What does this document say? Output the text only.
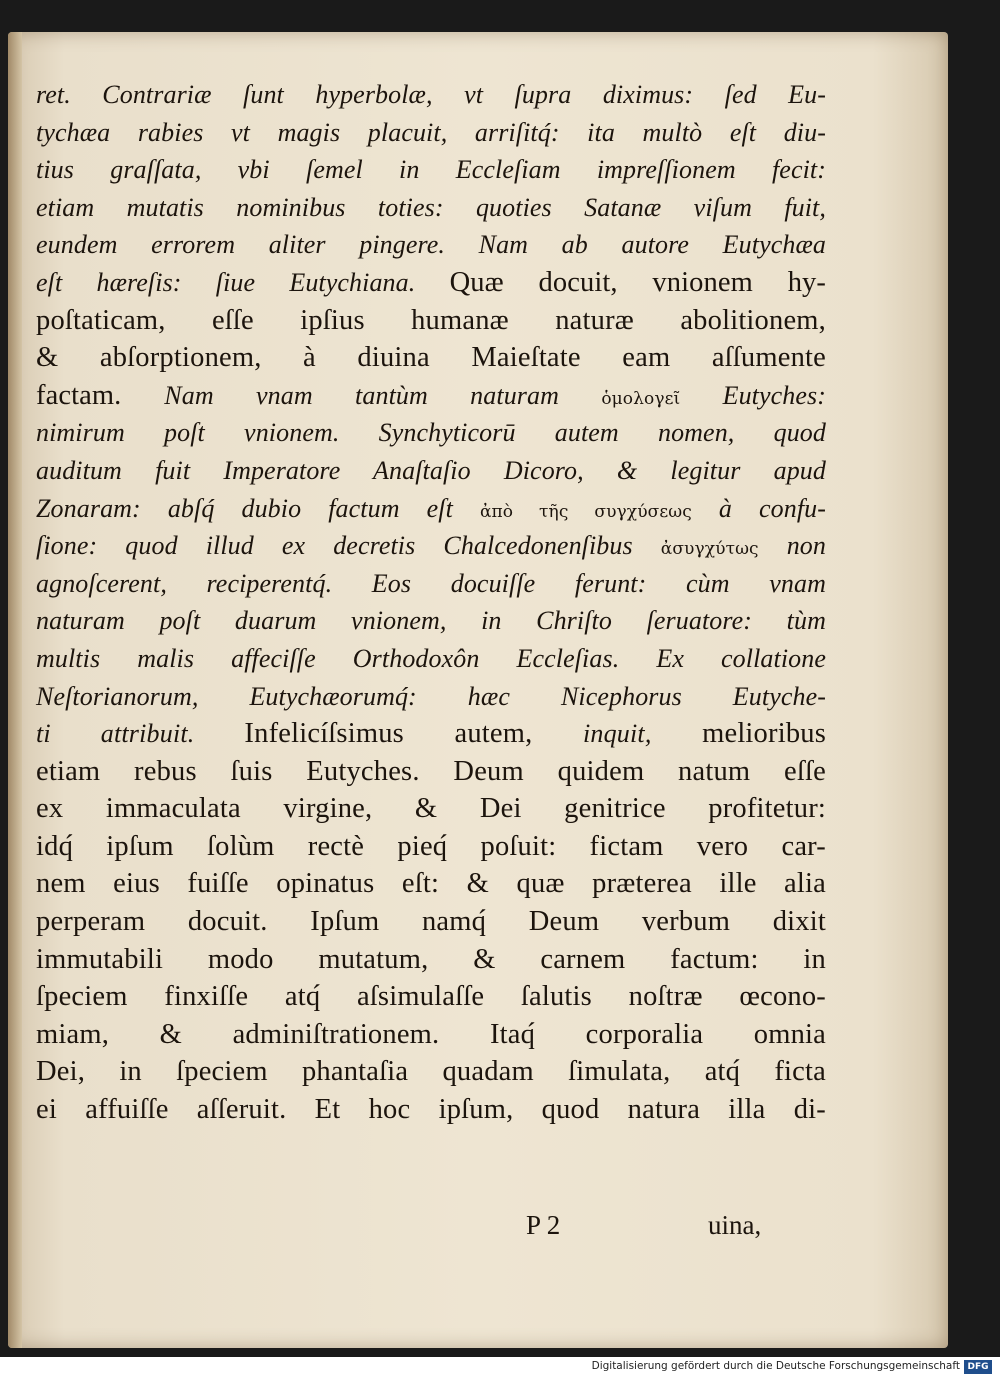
ret. Contrariæ ſunt hyperbolæ, vt ſupra diximus: ſed Eu-
tychæa rabies vt magis placuit, arriſitq́: ita multò eſt diu-
tius graſſata, vbi ſemel in Eccleſiam impreſſionem fecit:
etiam mutatis nominibus toties: quoties Satanæ viſum fuit,
eundem errorem aliter pingere. Nam ab autore Eutychæa
eſt hæreſis: ſiue Eutychiana. Quæ docuit, vnionem hy-
poſtaticam, eſſe ipſius humanæ naturæ abolitionem,
& abſorptionem, à diuina Maieſtate eam aſſumente
factam. Nam vnam tantùm naturam ὁμολογεῖ Eutyches:
nimirum poſt vnionem. Synchyticorū autem nomen, quod
auditum fuit Imperatore Anaſtaſio Dicoro, & legitur apud
Zonaram: abſq́ dubio factum eſt ἀπὸ τῆς συγχύσεως à confu-
ſione: quod illud ex decretis Chalcedonenſibus ἀσυγχύτως non
agnoſcerent, reciperentq́. Eos docuiſſe ferunt: cùm vnam
naturam poſt duarum vnionem, in Chriſto ſeruatore: tùm
multis malis affeciſſe Orthodoxôn Eccleſias. Ex collatione
Neſtorianorum, Eutychæorumq́: hæc Nicephorus Eutyche-
ti attribuit. Infelicíſsimus autem, inquit, melioribus
etiam rebus ſuis Eutyches. Deum quidem natum eſſe
ex immaculata virgine, & Dei genitrice profitetur:
idq́ ipſum ſolùm rectè pieq́ poſuit: fictam vero car-
nem eius fuiſſe opinatus eſt: & quæ præterea ille alia
perperam docuit. Ipſum namq́ Deum verbum dixit
immutabili modo mutatum, & carnem factum: in
ſpeciem finxiſſe atq́ aſsimulaſſe ſalutis noſtræ œcono-
miam, & adminiſtrationem. Itaq́ corporalia omnia
Dei, in ſpeciem phantaſia quadam ſimulata, atq́ ficta
ei affuiſſe aſſeruit. Et hoc ipſum, quod natura illa di-
P 2	uina,
Digitalisierung gefördert durch die Deutsche Forschungsgemeinschaft DFG
